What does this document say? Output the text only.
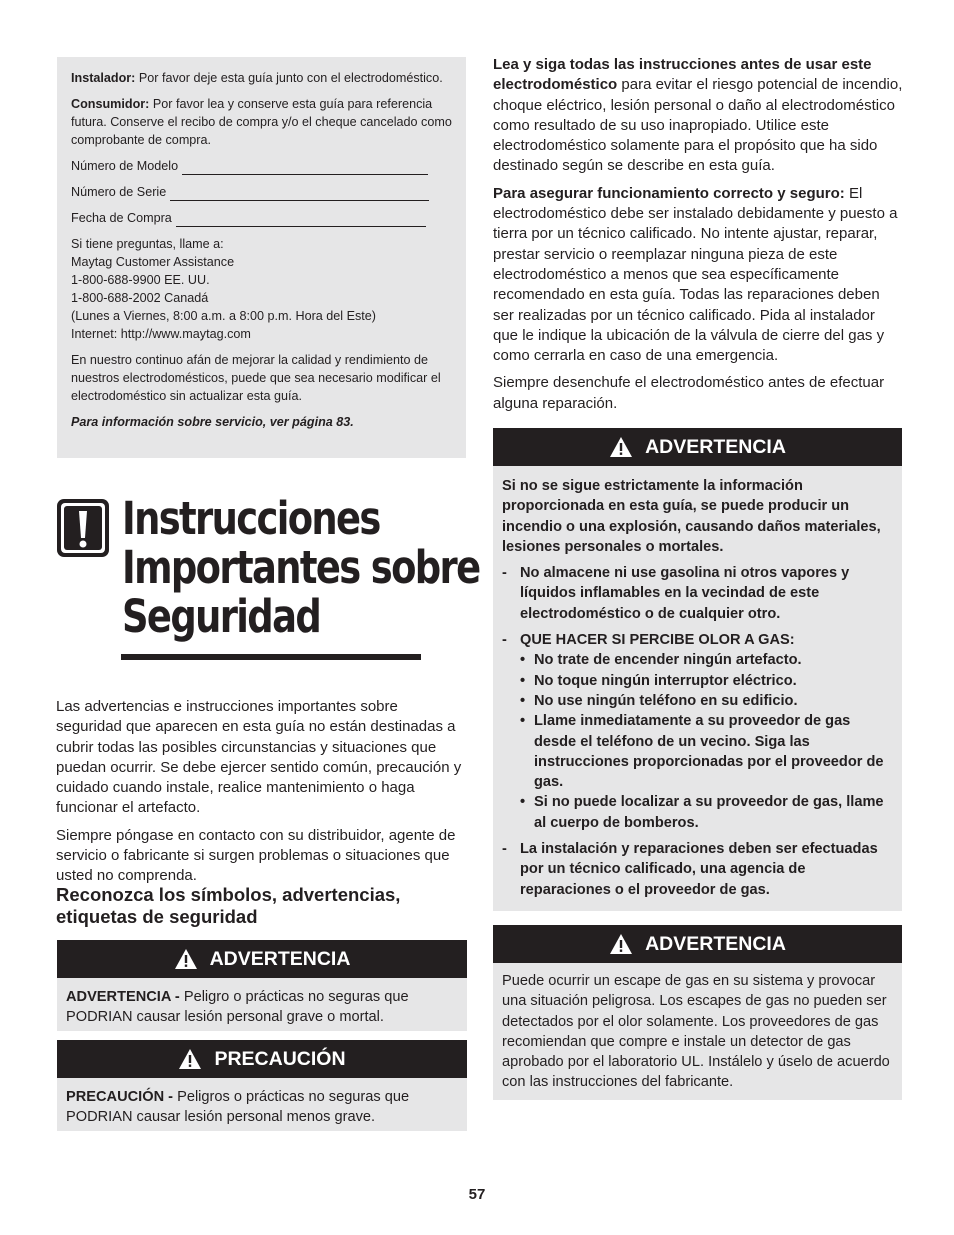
Instalador: Por favor deje esta guía junto con el electrodoméstico.

Consumidor: Por favor lea y conserve esta guía para referencia futura. Conserve el recibo de compra y/o el cheque cancelado como comprobante de compra.

Número de Modelo
Número de Serie
Fecha de Compra

Si tiene preguntas, llame a:

Maytag Customer Assistance

1-800-688-9900 EE. UU.

1-800-688-2002 Canadá

(Lunes a Viernes, 8:00 a.m. a 8:00 p.m. Hora del Este)

Internet: http://www.maytag.com

En nuestro continuo afán de mejorar la calidad y rendimiento de nuestros electrodomésticos, puede que sea necesario modificar el electrodoméstico sin actualizar esta guía.

Para información sobre servicio, ver página 83.

Instrucciones
Importantes sobre
Seguridad

Las advertencias e instrucciones importantes sobre seguridad que aparecen en esta guía no están destinadas a cubrir todas las posibles circunstancias y situaciones que puedan ocurrir. Se debe ejercer sentido común, precaución y cuidado cuando instale, realice mantenimiento o haga funcionar el artefacto.

Siempre póngase en contacto con su distribuidor, agente de servicio o fabricante si surgen problemas o situaciones que usted no comprenda.

Reconozca los símbolos, advertencias, etiquetas de seguridad
ADVERTENCIA
ADVERTENCIA - Peligro o prácticas no seguras que PODRIAN causar lesión personal grave o mortal.
PRECAUCIÓN
PRECAUCIÓN - Peligros o prácticas no seguras que PODRIAN causar lesión personal menos grave.

Lea y siga todas las instrucciones antes de usar este electrodoméstico para evitar el riesgo potencial de incendio, choque eléctrico, lesión personal o daño al electrodoméstico como resultado de su uso inapropiado. Utilice este electrodoméstico solamente para el propósito que ha sido destinado según se describe en esta guía.

Para asegurar funcionamiento correcto y seguro: El electrodoméstico debe ser instalado debidamente y puesto a tierra por un técnico calificado. No intente ajustar, reparar, prestar servicio o reemplazar ninguna pieza de este electrodoméstico a menos que sea específicamente recomendado en esta guía. Todas las reparaciones deben ser realizadas por un técnico calificado. Pida al instalador que le indique la ubicación de la válvula de cierre del gas y como cerrarla en caso de una emergencia.

Siempre desenchufe el electrodoméstico antes de efectuar alguna reparación.

ADVERTENCIA
Si no se sigue estrictamente la información proporcionada en esta guía, se puede producir un incendio o una explosión, causando daños materiales, lesiones personales o mortales.
- No almacene ni use gasolina ni otros vapores y líquidos inflamables en la vecindad de este electrodoméstico o de cualquier otro.
- QUE HACER SI PERCIBE OLOR A GAS:
• No trate de encender ningún artefacto.
• No toque ningún interruptor eléctrico.
• No use ningún teléfono en su edificio.
• Llame inmediatamente a su proveedor de gas desde el teléfono de un vecino. Siga las instrucciones proporcionadas por el proveedor de gas.
• Si no puede localizar a su proveedor de gas, llame al cuerpo de bomberos.
- La instalación y reparaciones deben ser efectuadas por un técnico calificado, una agencia de reparaciones o el proveedor de gas.
ADVERTENCIA
Puede ocurrir un escape de gas en su sistema y provocar una situación peligrosa. Los escapes de gas no pueden ser detectados por el olor solamente. Los proveedores de gas recomiendan que compre e instale un detector de gas aprobado por el laboratorio UL. Instálelo y úselo de acuerdo con las instrucciones del fabricante.
57
